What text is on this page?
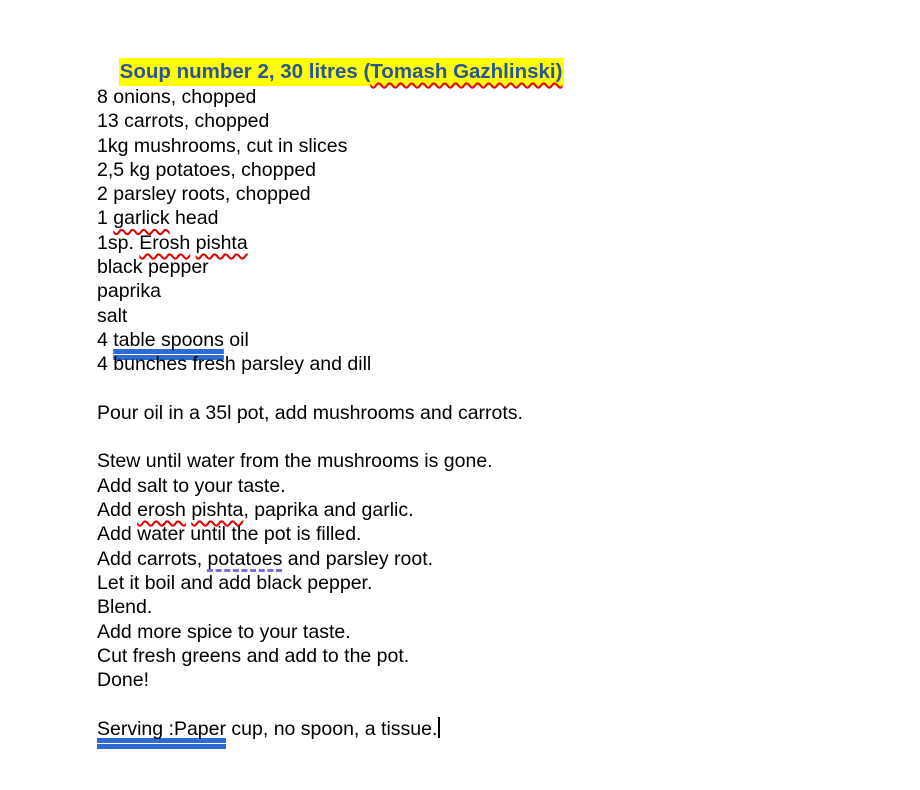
Soup number 2, 30 litres (Tomash Gazhlinski)

8 onions, chopped
13 carrots, chopped
1kg mushrooms, cut in slices
2,5 kg potatoes, chopped
2 parsley roots, chopped
1 garlick head
1sp. Erosh pishta
black pepper
paprika
salt
4 table spoons oil
4 bunches fresh parsley and dill
Pour oil in a 35l pot, add mushrooms and carrots.
Stew until water from the mushrooms is gone.
Add salt to your taste.
Add erosh pishta, paprika and garlic.
Add water until the pot is filled.
Add carrots, potatoes and parsley root.
Let it boil and add black pepper.
Blend.
Add more spice to your taste.
Cut fresh greens and add to the pot.
Done!
Serving :Paper cup, no spoon, a tissue.
